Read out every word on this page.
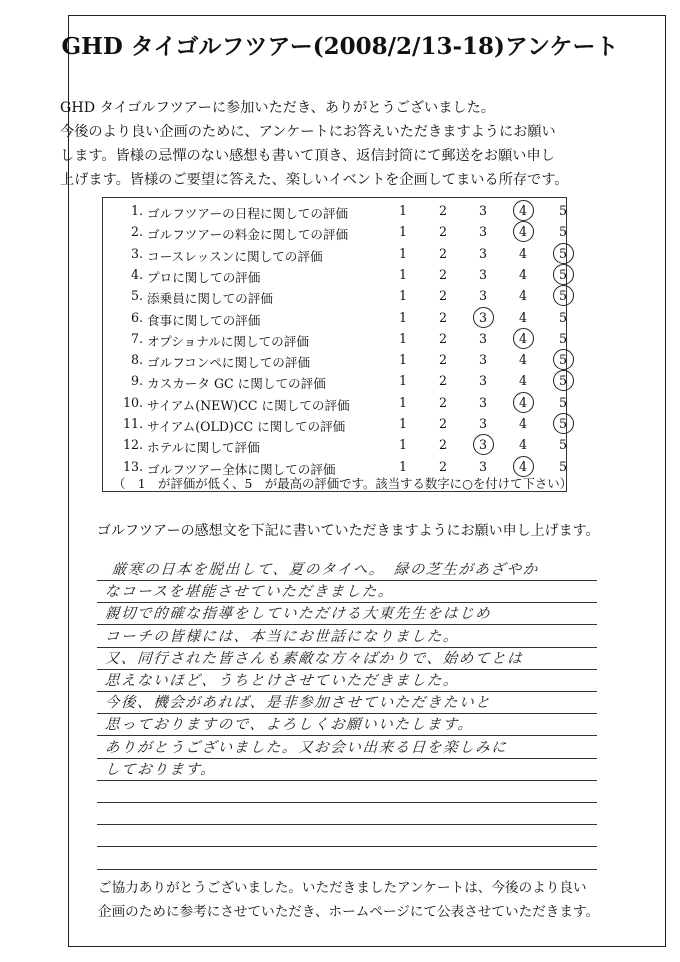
GHD タイゴルフツアー(2008/2/13-18)アンケート

GHD タイゴルフツアーに参加いただき、ありがとうございました。

今後のより良い企画のために、アンケートにお答えいただきますようにお願い

します。皆様の忌憚のない感想も書いて頂き、返信封筒にて郵送をお願い申し

上げます。皆様のご要望に答えた、楽しいイベントを企画してまいる所存です。

（　1　が評価が低く、5　が最高の評価です。該当する数字に○を付けて下さい）
1. ゴルフツアーの日程に関しての評価	1	2	3	4	5
2. ゴルフツアーの料金に関しての評価	1	2	3	4	5
3. コースレッスンに関しての評価	1	2	3	4	5
4. プロに関しての評価	1	2	3	4	5
5. 添乗員に関しての評価	1	2	3	4	5
6. 食事に関しての評価	1	2	3	4	5
7. オプショナルに関しての評価	1	2	3	4	5
8. ゴルフコンペに関しての評価	1	2	3	4	5
9. カスカータ GC に関しての評価	1	2	3	4	5
10. サイアム(NEW)CC に関しての評価	1	2	3	4	5
11. サイアム(OLD)CC に関しての評価	1	2	3	4	5
12. ホテルに関して評価	1	2	3	4	5
13. ゴルフツアー全体に関しての評価	1	2	3	4	5
ゴルフツアーの感想文を下記に書いていただきますようにお願い申し上げます。

ご協力ありがとうございました。いただきましたアンケートは、今後のより良い

企画のために参考にさせていただき、ホームページにて公表させていただきます。

厳寒の日本を脱出して、夏のタイへ。　緑の芝生があざやか
なコースを堪能させていただきました。
親切で的確な指導をしていただける大東先生をはじめ
コーチの皆様には、本当にお世話になりました。
又、同行された皆さんも素敵な方々ばかりで、始めてとは
思えないほど、うちとけさせていただきました。
今後、機会があれば、是非参加させていただきたいと
思っておりますので、よろしくお願いいたします。
ありがとうございました。又お会い出来る日を楽しみに
しております。
